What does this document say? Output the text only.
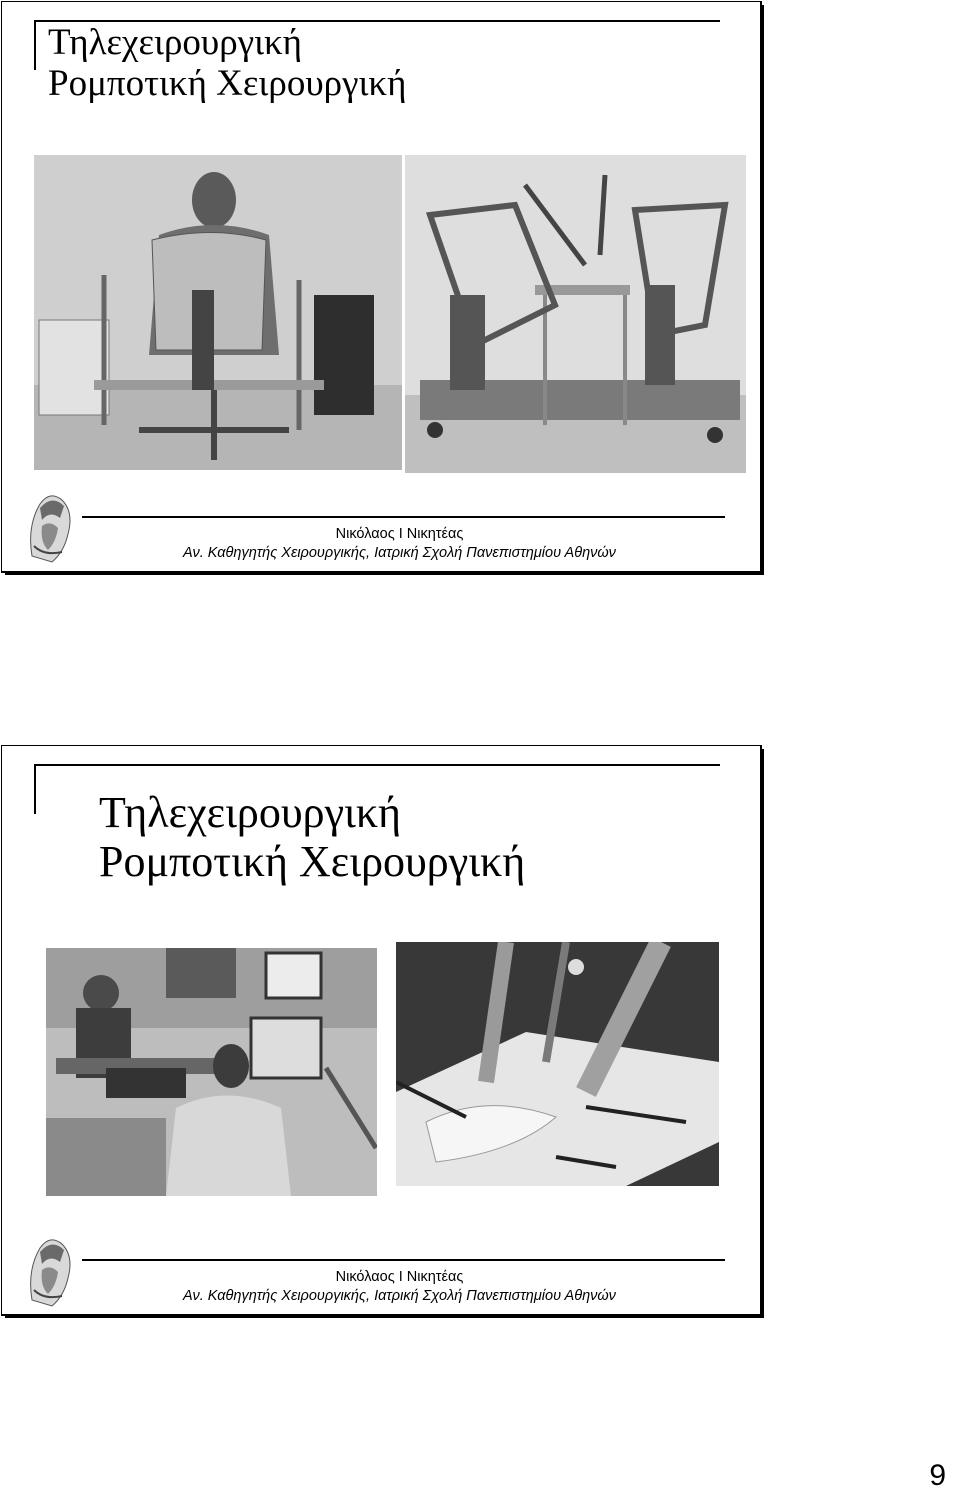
Τηλεχειρουργική
Ρομποτική Χειρουργική
Νικόλαος Ι Νικητέας
Αν. Καθηγητής Χειρουργικής, Ιατρική Σχολή Πανεπιστημίου Αθηνών
Τηλεχειρουργική
Ρομποτική Χειρουργική
Νικόλαος Ι Νικητέας
Αν. Καθηγητής Χειρουργικής, Ιατρική Σχολή Πανεπιστημίου Αθηνών
9
